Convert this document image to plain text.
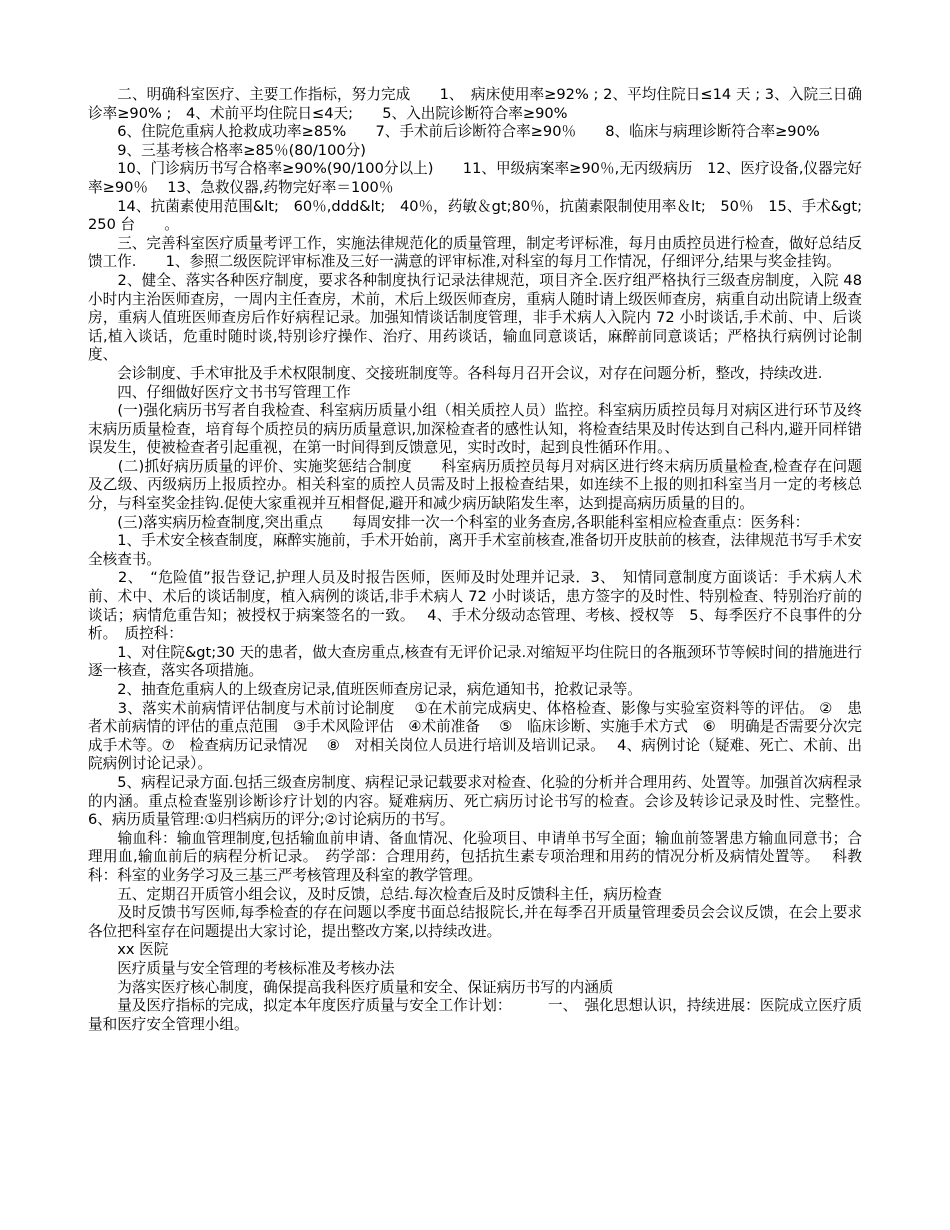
　　二、明确科室医疗、主要工作指标，努力完成　　1、　病床使用率≥92% ; 2、平均住院日≤14 天 ; 3、入院三日确诊率≥90% ;　4、术前平均住院日≤4天;　　5、入出院诊断符合率≥90%

　　6、住院危重病人抢救成功率≥85%　　7、手术前后诊断符合率≥90％　　8、临床与病理诊断符合率≥90%

　　9、三基考核合格率≥85％(80/100分)

　　10、门诊病历书写合格率≥90%(90/100分以上)　　11、甲级病案率≥90％,无丙级病历　12、医疗设备,仪器完好率≥90％　 13、急救仪器,药物完好率＝100％

　　14、抗菌素使用范围&lt;　60％,ddd&lt;　40％，药敏＆gt;80％，抗菌素限制使用率＆lt;　50％　15、手术&gt;　250 台　　。

　　三、完善科室医疗质量考评工作，实施法律规范化的质量管理，制定考评标准，每月由质控员进行检查，做好总结反馈工作.　　1、参照二级医院评审标准及三好一满意的评审标准,对科室的每月工作情况，仔细评分,结果与奖金挂钩。

　　2、健全、落实各种医疗制度，要求各种制度执行记录法律规范，项目齐全.医疗组严格执行三级查房制度，入院 48 小时内主治医师查房，一周内主任查房，术前，术后上级医师查房，重病人随时请上级医师查房，病重自动出院请上级查房，重病人值班医师查房后作好病程记录。加强知情谈话制度管理，非手术病人入院内 72 小时谈话,手术前、中、后谈话,植入谈话，危重时随时谈,特别诊疗操作、治疗、用药谈话，输血同意谈话，麻醉前同意谈话；严格执行病例讨论制度、

　　会诊制度、手术审批及手术权限制度、交接班制度等。各科每月召开会议，对存在问题分析，整改，持续改进.

　　四、仔细做好医疗文书书写管理工作

　　(一)强化病历书写者自我检查、科室病历质量小组（相关质控人员）监控。科室病历质控员每月对病区进行环节及终末病历质量检查，培育每个质控员的病历质量意识,加深检查者的感性认知，将检查结果及时传达到自己科内,避开同样错误发生，使被检查者引起重视，在第一时间得到反馈意见，实时改时，起到良性循环作用。、

　　(二)抓好病历质量的评价、实施奖惩结合制度　　科室病历质控员每月对病区进行终末病历质量检查,检查存在问题及乙级、丙级病历上报质控办。相关科室的质控人员需及时上报检查结果，如连续不上报的则扣科室当月一定的考核总分，与科室奖金挂钩.促使大家重视并互相督促,避开和减少病历缺陷发生率，达到提高病历质量的目的。

　　(三)落实病历检查制度,突出重点　　每周安排一次一个科室的业务查房,各职能科室相应检查重点：医务科：

　　1、手术安全核查制度，麻醉实施前，手术开始前，离开手术室前核查,准备切开皮肤前的核查，法律规范书写手术安全核查书。

　　2、　“危险值”报告登记,护理人员及时报告医师，医师及时处理并记录．3、　知情同意制度方面谈话：手术病人术前、术中、术后的谈话制度，植入病例的谈话,非手术病人 72 小时谈话，患方签字的及时性、特别检查、特别治疗前的谈话；病情危重告知；被授权于病案签名的一致。　 4、手术分级动态管理、考核、授权等　5、每季医疗不良事件的分析。　质控科：

　　1、对住院&gt;30 天的患者，做大查房重点,核查有无评价记录.对缩短平均住院日的各瓶颈环节等候时间的措施进行逐一核查，落实各项措施。

　　2、抽查危重病人的上级查房记录,值班医师查房记录，病危通知书，抢救记录等。

　　3、落实术前病情评估制度与术前讨论制度　 ①在术前完成病史、体格检查、影像与实验室资料等的评估。 ②　患者术前病情的评估的重点范围　③手术风险评估　④术前准备　 ⑤　临床诊断、实施手术方式　⑥　明确是否需要分次完成手术等。⑦　检查病历记录情况　 ⑧　对相关岗位人员进行培训及培训记录。　 4、病例讨论（疑难、死亡、术前、出院病例讨论记录）。

　　5、病程记录方面.包括三级查房制度、病程记录记载要求对检查、化验的分析并合理用药、处置等。加强首次病程录的内涵。重点检查鉴别诊断诊疗计划的内容。疑难病历、死亡病历讨论书写的检查。会诊及转诊记录及时性、完整性。　　6、病历质量管理:①归档病历的评分;②讨论病历的书写。

　　输血科：输血管理制度,包括输血前申请、备血情况、化验项目、申请单书写全面；输血前签署患方输血同意书；合理用血,输血前后的病程分析记录。　药学部：合理用药，包括抗生素专项治理和用药的情况分析及病情处置等。　 科教科：科室的业务学习及三基三严考核管理及科室的教学管理。

　　五、定期召开质管小组会议，及时反馈，总结.每次检查后及时反馈科主任，病历检查

　　及时反馈书写医师,每季检查的存在问题以季度书面总结报院长,并在每季召开质量管理委员会会议反馈，在会上要求各位把科室存在问题提出大家讨论，提出整改方案,以持续改进。

　　xx 医院

　　医疗质量与安全管理的考核标准及考核办法

　　为落实医疗核心制度，确保提高我科医疗质量和安全、保证病历书写的内涵质

　　量及医疗指标的完成，拟定本年度医疗质量与安全工作计划：　　　一、　强化思想认识，持续进展：医院成立医疗质量和医疗安全管理小组。
